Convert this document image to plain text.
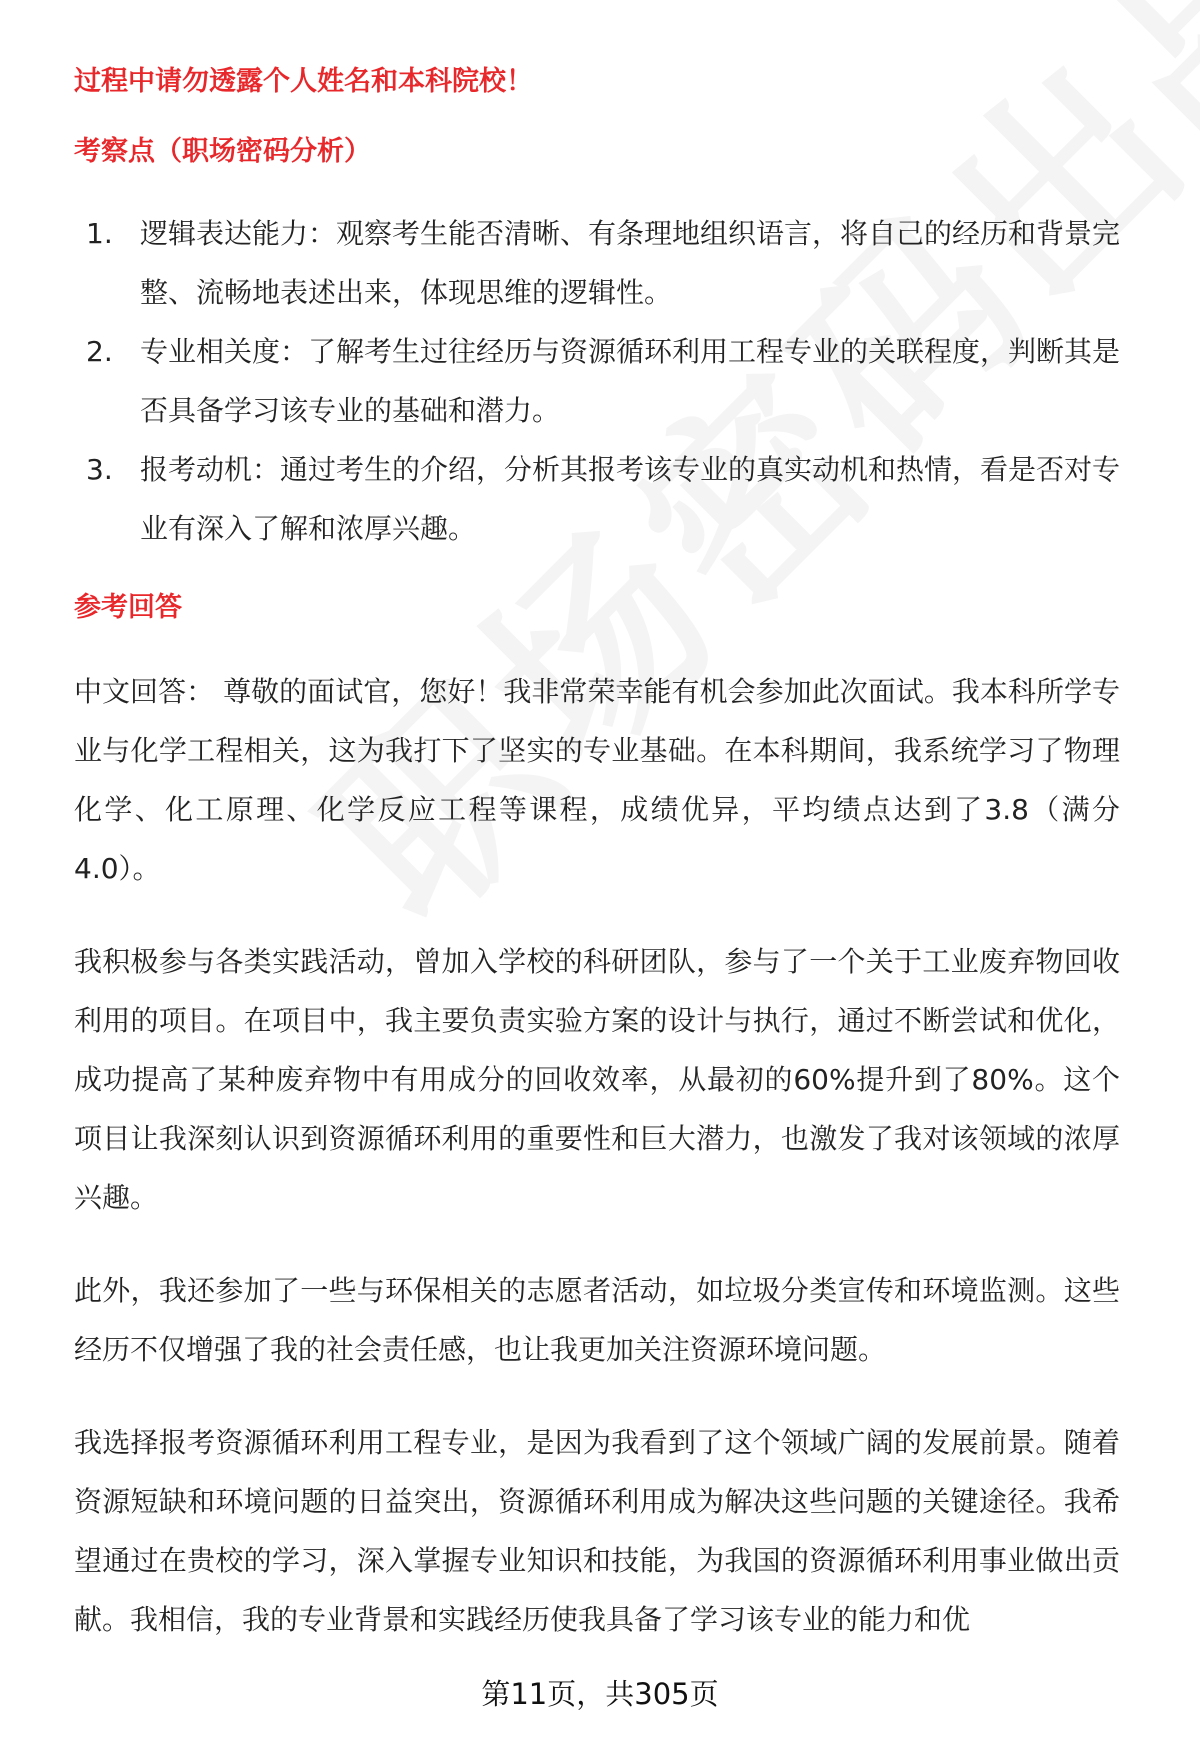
过程中请勿透露个人姓名和本科院校！

考察点（职场密码分析）

1. 逻辑表达能力：观察考生能否清晰、有条理地组织语言，将自己的经历和背景完整、流畅地表述出来，体现思维的逻辑性。
2. 专业相关度：了解考生过往经历与资源循环利用工程专业的关联程度，判断其是否具备学习该专业的基础和潜力。
3. 报考动机：通过考生的介绍，分析其报考该专业的真实动机和热情，看是否对专业有深入了解和浓厚兴趣。

参考回答

中文回答： 尊敬的面试官，您好！我非常荣幸能有机会参加此次面试。我本科所学专业与化学工程相关，这为我打下了坚实的专业基础。在本科期间，我系统学习了物理化学、化工原理、化学反应工程等课程，成绩优异，平均绩点达到了3.8（满分4.0）。

我积极参与各类实践活动，曾加入学校的科研团队，参与了一个关于工业废弃物回收利用的项目。在项目中，我主要负责实验方案的设计与执行，通过不断尝试和优化，成功提高了某种废弃物中有用成分的回收效率，从最初的60%提升到了80%。这个项目让我深刻认识到资源循环利用的重要性和巨大潜力，也激发了我对该领域的浓厚兴趣。

此外，我还参加了一些与环保相关的志愿者活动，如垃圾分类宣传和环境监测。这些经历不仅增强了我的社会责任感，也让我更加关注资源环境问题。

我选择报考资源循环利用工程专业，是因为我看到了这个领域广阔的发展前景。随着资源短缺和环境问题的日益突出，资源循环利用成为解决这些问题的关键途径。我希望通过在贵校的学习，深入掌握专业知识和技能，为我国的资源循环利用事业做出贡献。我相信，我的专业背景和实践经历使我具备了学习该专业的能力和优

第11页，共305页
